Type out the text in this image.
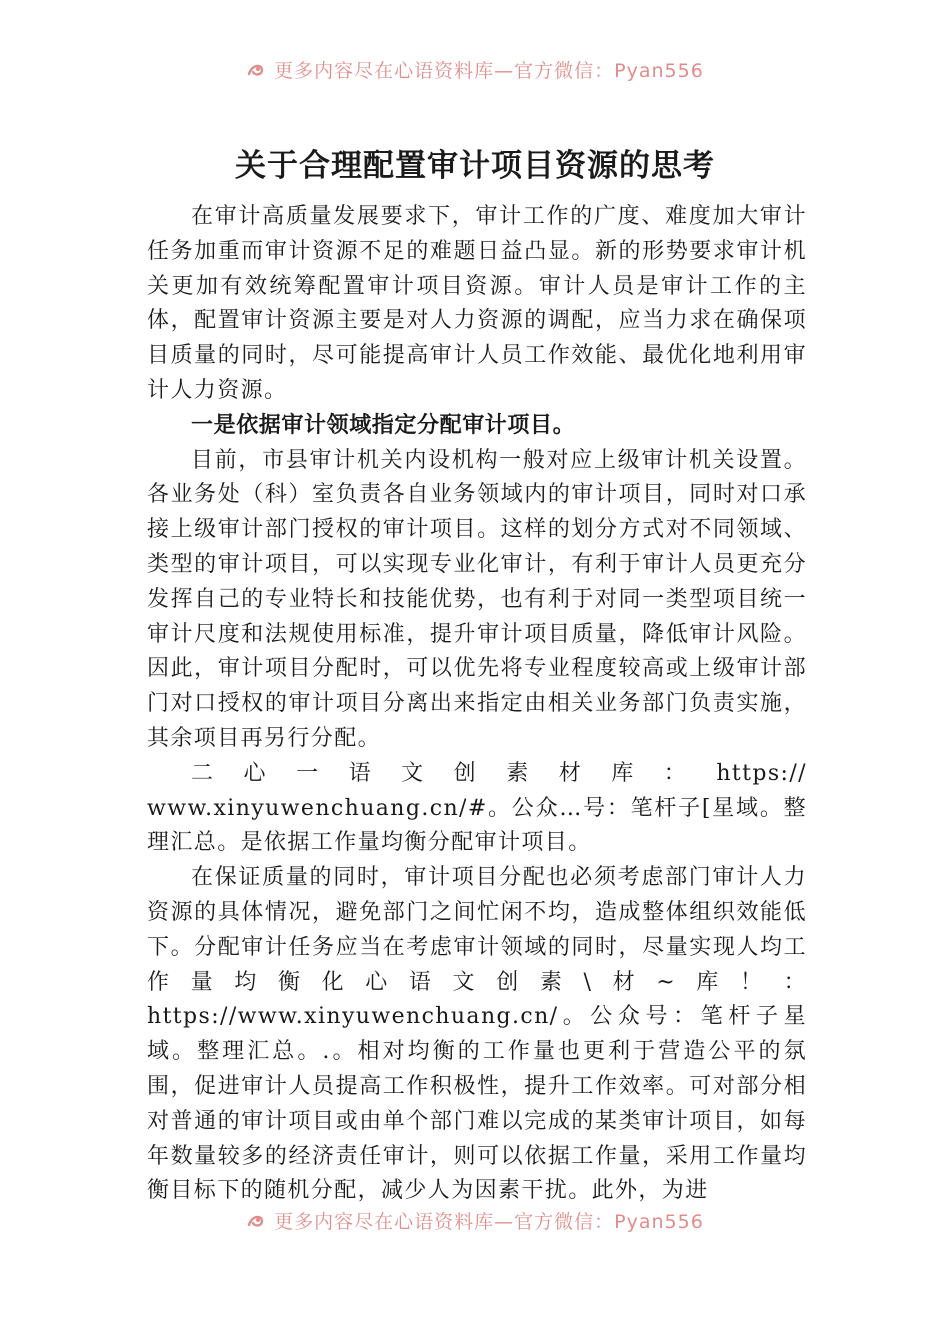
更多内容尽在心语资料库—官方微信：Pyan556
关于合理配置审计项目资源的思考

在审计高质量发展要求下，审计工作的广度、难度加大审计任务加重而审计资源不足的难题日益凸显。新的形势要求审计机关更加有效统筹配置审计项目资源。审计人员是审计工作的主体，配置审计资源主要是对人力资源的调配，应当力求在确保项目质量的同时，尽可能提高审计人员工作效能、最优化地利用审计人力资源。

一是依据审计领域指定分配审计项目。

目前，市县审计机关内设机构一般对应上级审计机关设置。各业务处（科）室负责各自业务领域内的审计项目，同时对口承接上级审计部门授权的审计项目。这样的划分方式对不同领域、类型的审计项目，可以实现专业化审计，有利于审计人员更充分发挥自己的专业特长和技能优势，也有利于对同一类型项目统一审计尺度和法规使用标准，提升审计项目质量，降低审计风险。因此，审计项目分配时，可以优先将专业程度较高或上级审计部门对口授权的审计项目分离出来指定由相关业务部门负责实施，其余项目再另行分配。

二心一语文创素材库：https://

www.xinyuwenchuang.cn/#。公众…号：笔杆子[星域。整理汇总。是依据工作量均衡分配审计项目。

在保证质量的同时，审计项目分配也必须考虑部门审计人力资源的具体情况，避免部门之间忙闲不均，造成整体组织效能低下。分配审计任务应当在考虑审计领域的同时，尽量实现人均工作量均衡化心语文创素\材~库！：https://www.xinyuwenchuang.cn/。公众号：笔杆子星域。整理汇总。.。相对均衡的工作量也更利于营造公平的氛围，促进审计人员提高工作积极性，提升工作效率。可对部分相对普通的审计项目或由单个部门难以完成的某类审计项目，如每年数量较多的经济责任审计，则可以依据工作量，采用工作量均衡目标下的随机分配，减少人为因素干扰。此外，为进

更多内容尽在心语资料库—官方微信：Pyan556
